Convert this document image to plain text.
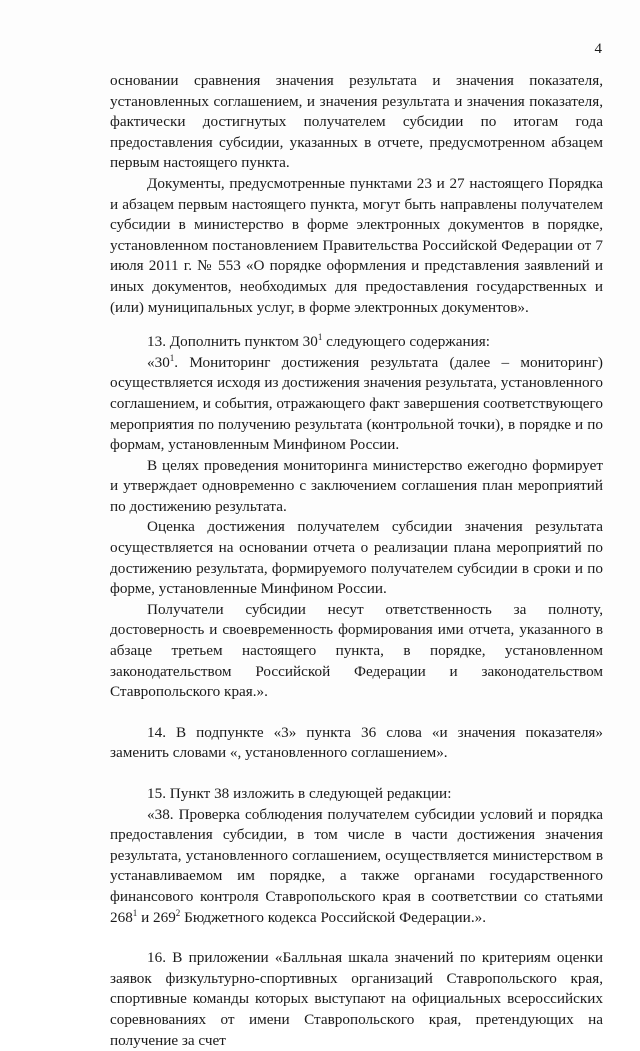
4

основании сравнения значения результата и значения показателя, установленных соглашением, и значения результата и значения показателя, фактически достигнутых получателем субсидии по итогам года предоставления субсидии, указанных в отчете, предусмотренном абзацем первым настоящего пункта.

Документы, предусмотренные пунктами 23 и 27 настоящего Порядка и абзацем первым настоящего пункта, могут быть направлены получателем субсидии в министерство в форме электронных документов в порядке, установленном постановлением Правительства Российской Федерации от 7 июля 2011 г. № 553 «О порядке оформления и представления заявлений и иных документов, необходимых для предоставления государственных и (или) муниципальных услуг, в форме электронных документов».

13. Дополнить пунктом $30^1$ следующего содержания:

«$30^1$. Мониторинг достижения результата (далее – мониторинг) осуществляется исходя из достижения значения результата, установленного соглашением, и события, отражающего факт завершения соответствующего мероприятия по получению результата (контрольной точки), в порядке и по формам, установленным Минфином России.

В целях проведения мониторинга министерство ежегодно формирует и утверждает одновременно с заключением соглашения план мероприятий по достижению результата.

Оценка достижения получателем субсидии значения результата осуществляется на основании отчета о реализации плана мероприятий по достижению результата, формируемого получателем субсидии в сроки и по форме, установленные Минфином России.

Получатели субсидии несут ответственность за полноту, достоверность и своевременность формирования ими отчета, указанного в абзаце третьем настоящего пункта, в порядке, установленном законодательством Российской Федерации и законодательством Ставропольского края.».

14. В подпункте «3» пункта 36 слова «и значения показателя» заменить словами «, установленного соглашением».

15. Пункт 38 изложить в следующей редакции:

«38. Проверка соблюдения получателем субсидии условий и порядка предоставления субсидии, в том числе в части достижения значения результата, установленного соглашением, осуществляется министерством в устанавливаемом им порядке, а также органами государственного финансового контроля Ставропольского края в соответствии со статьями $268^1$ и $269^2$ Бюджетного кодекса Российской Федерации.».

16. В приложении «Балльная шкала значений по критериям оценки заявок физкультурно-спортивных организаций Ставропольского края, спортивные команды которых выступают на официальных всероссийских соревнованиях от имени Ставропольского края, претендующих на получение за счет
